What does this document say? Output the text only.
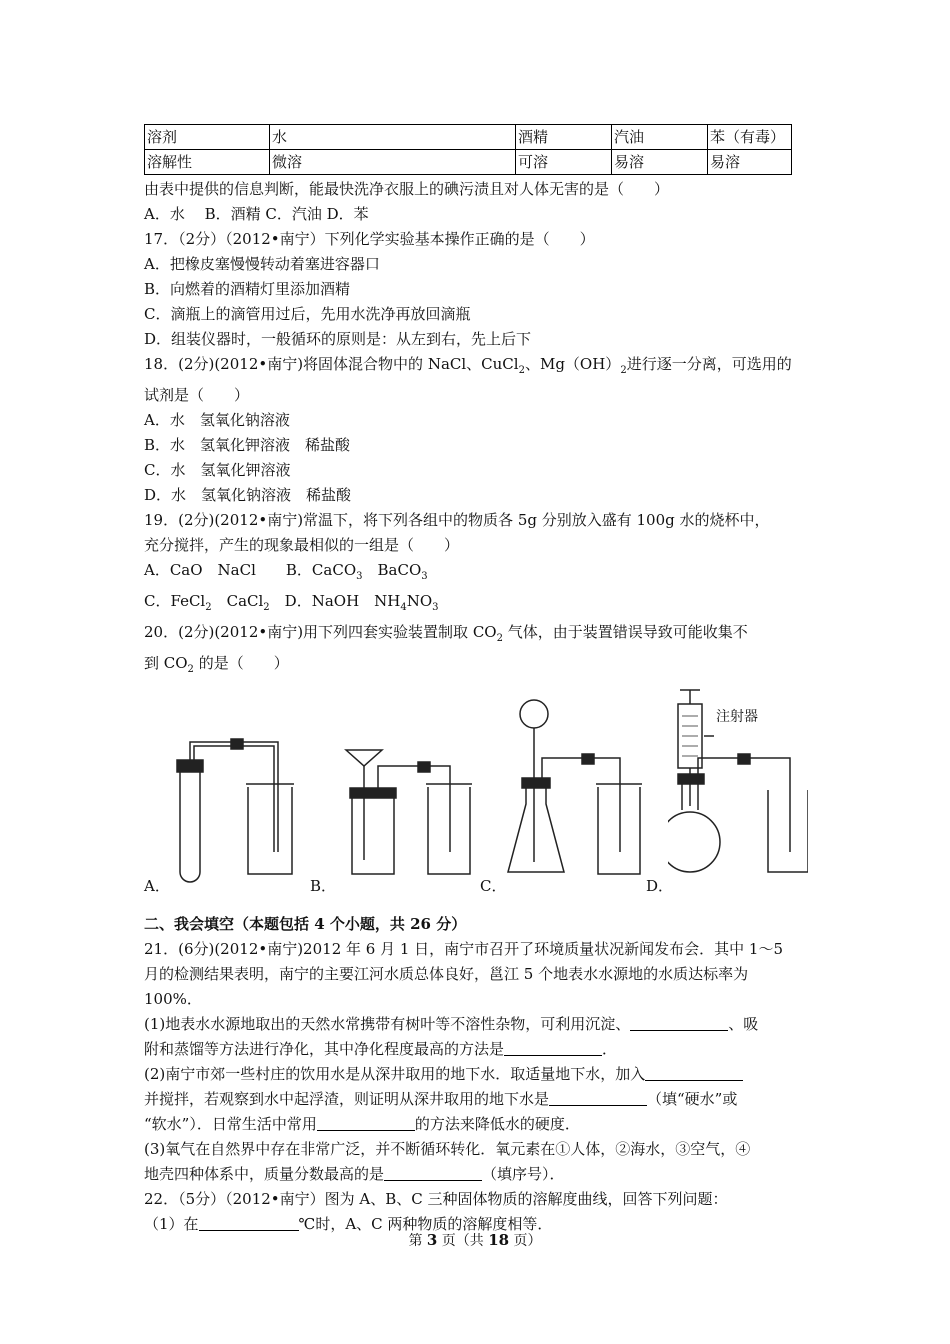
溶剂	水	酒精	汽油	苯（有毒）
溶解性	微溶	可溶	易溶	易溶

由表中提供的信息判断，能最快洗净衣服上的碘污渍且对人体无害的是（　　）

A．水　 B．酒精 C．汽油 D．苯

17．（2分）（2012•南宁）下列化学实验基本操作正确的是（　　）

A．把橡皮塞慢慢转动着塞进容器口

B．向燃着的酒精灯里添加酒精

C．滴瓶上的滴管用过后，先用水洗净再放回滴瓶

D．组装仪器时，一般循环的原则是：从左到右，先上后下

18．(2分)(2012•南宁)将固体混合物中的 NaCl、CuCl$_2$、$Mg(OH)_2$进行逐一分离，可选用的

试剂是（　　）

A．水　氢氧化钠溶液

B．水　氢氧化钾溶液　稀盐酸

C．水　氢氧化钾溶液

D．水　氢氧化钠溶液　稀盐酸

19．(2分)(2012•南宁)常温下，将下列各组中的物质各 5g 分别放入盛有 100g 水的烧杯中，

充分搅拌，产生的现象最相似的一组是（　　）

A．CaO　NaCl　　B．CaCO$_3$　BaCO$_3$

C．FeCl$_2$　CaCl$_2$　D．NaOH　$NH_4NO_3$

20．(2分)(2012•南宁)用下列四套实验装置制取 $CO_2$ 气体，由于装置错误导致可能收集不

到 $CO_2$ 的是（　　）

A．	B．	C．	D．
注射器

二、我会填空（本题包括 4 个小题，共 26 分）

21．(6分)(2012•南宁)2012 年 6 月 1 日，南宁市召开了环境质量状况新闻发布会．其中 1～5

月的检测结果表明，南宁的主要江河水质总体良好，邕江 5 个地表水水源地的水质达标率为

100%．

(1)地表水水源地取出的天然水常携带有树叶等不溶性杂物，可利用沉淀、	、吸

附和蒸馏等方法进行净化，其中净化程度最高的方法是	．

(2)南宁市郊一些村庄的饮用水是从深井取用的地下水．取适量地下水，加入

并搅拌，若观察到水中起浮渣，则证明从深井取用的地下水是	（填“硬水”或

“软水”）．日常生活中常用	的方法来降低水的硬度．

(3)氧气在自然界中存在非常广泛，并不断循环转化．氧元素在①人体，②海水，③空气，④

地壳四种体系中，质量分数最高的是	（填序号）．

22．（5分）（2012•南宁）图为 A、B、C 三种固体物质的溶解度曲线，回答下列问题：

（1）在	℃时，A、C 两种物质的溶解度相等．

第 3 页（共 18 页）
